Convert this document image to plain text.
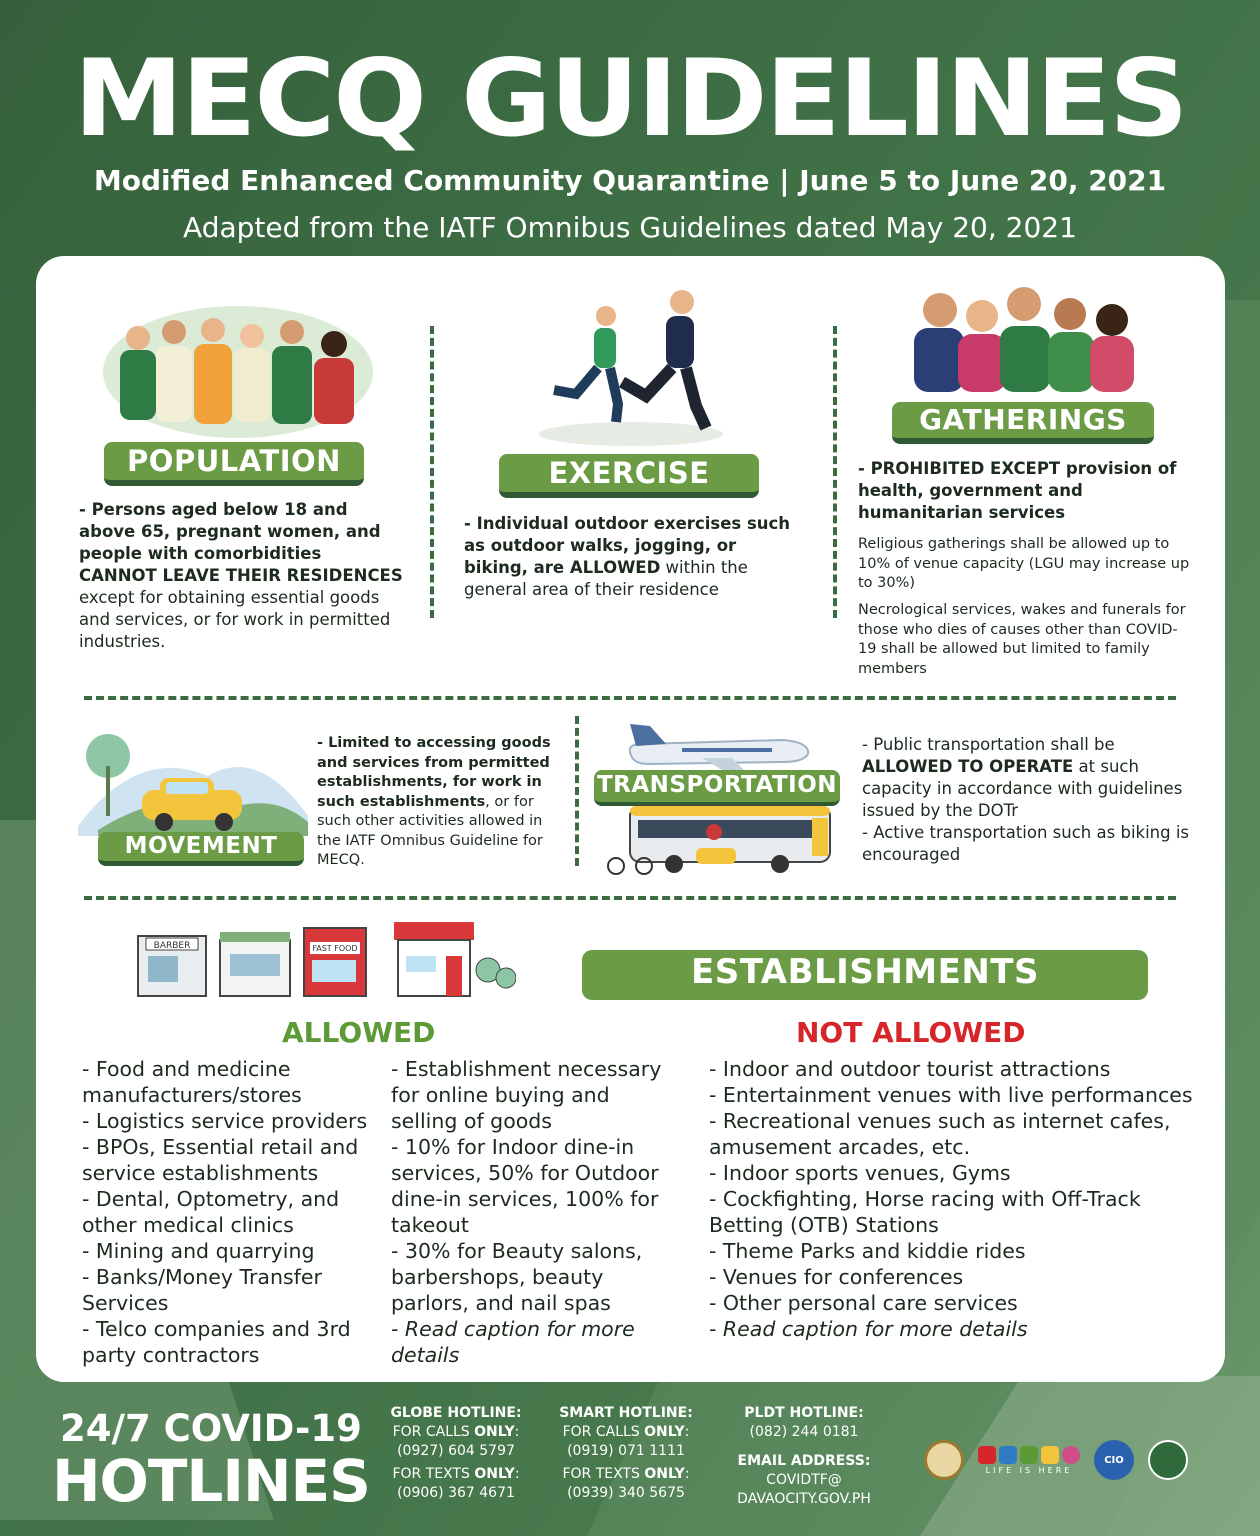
MECQ GUIDELINES
Modified Enhanced Community Quarantine | June 5 to June 20, 2021
Adapted from the IATF Omnibus Guidelines dated May 20, 2021
POPULATION
- Persons aged below 18 and above 65, pregnant women, and people with comorbidities CANNOT LEAVE THEIR RESIDENCES except for obtaining essential goods and services, or for work in permitted industries.
EXERCISE
- Individual outdoor exercises such as outdoor walks, jogging, or biking, are ALLOWED within the general area of their residence
GATHERINGS
- PROHIBITED EXCEPT provision of health, government and humanitarian services
Religious gatherings shall be allowed up to 10% of venue capacity (LGU may increase up to 30%)
Necrological services, wakes and funerals for those who dies of causes other than COVID-19 shall be allowed but limited to family members
MOVEMENT
- Limited to accessing goods and services from permitted establishments, for work in such establishments, or for such other activities allowed in the IATF Omnibus Guideline for MECQ.
TRANSPORTATION
- Public transportation shall be ALLOWED TO OPERATE at such capacity in accordance with guidelines issued by the DOTr
- Active transportation such as biking is encouraged
BARBER	FAST FOOD
ESTABLISHMENTS
ALLOWED	NOT ALLOWED
- Food and medicine
manufacturers/stores
- Logistics service providers
- BPOs, Essential retail and
service establishments
- Dental, Optometry, and
other medical clinics
- Mining and quarrying
- Banks/Money Transfer
Services
- Telco companies and 3rd
party contractors
- Establishment necessary
for online buying and
selling of goods
- 10% for Indoor dine-in
services, 50% for Outdoor
dine-in services, 100% for
takeout
- 30% for Beauty salons,
barbershops, beauty
parlors, and nail spas
- Read caption for more
details
- Indoor and outdoor tourist attractions
- Entertainment venues with live performances
- Recreational venues such as internet cafes,
amusement arcades, etc.
- Indoor sports venues, Gyms
- Cockfighting, Horse racing with Off-Track
Betting (OTB) Stations
- Theme Parks and kiddie rides
- Venues for conferences
- Other personal care services
- Read caption for more details
24/7 COVID-19
HOTLINES
GLOBE HOTLINE:
FOR CALLS ONLY:
(0927) 604 5797
FOR TEXTS ONLY:
(0906) 367 4671
SMART HOTLINE:
FOR CALLS ONLY:
(0919) 071 1111
FOR TEXTS ONLY:
(0939) 340 5675
PLDT HOTLINE:
(082) 244 0181
EMAIL ADDRESS:
COVIDTF@
DAVAOCITY.GOV.PH
LIFE IS HERE
CIO
